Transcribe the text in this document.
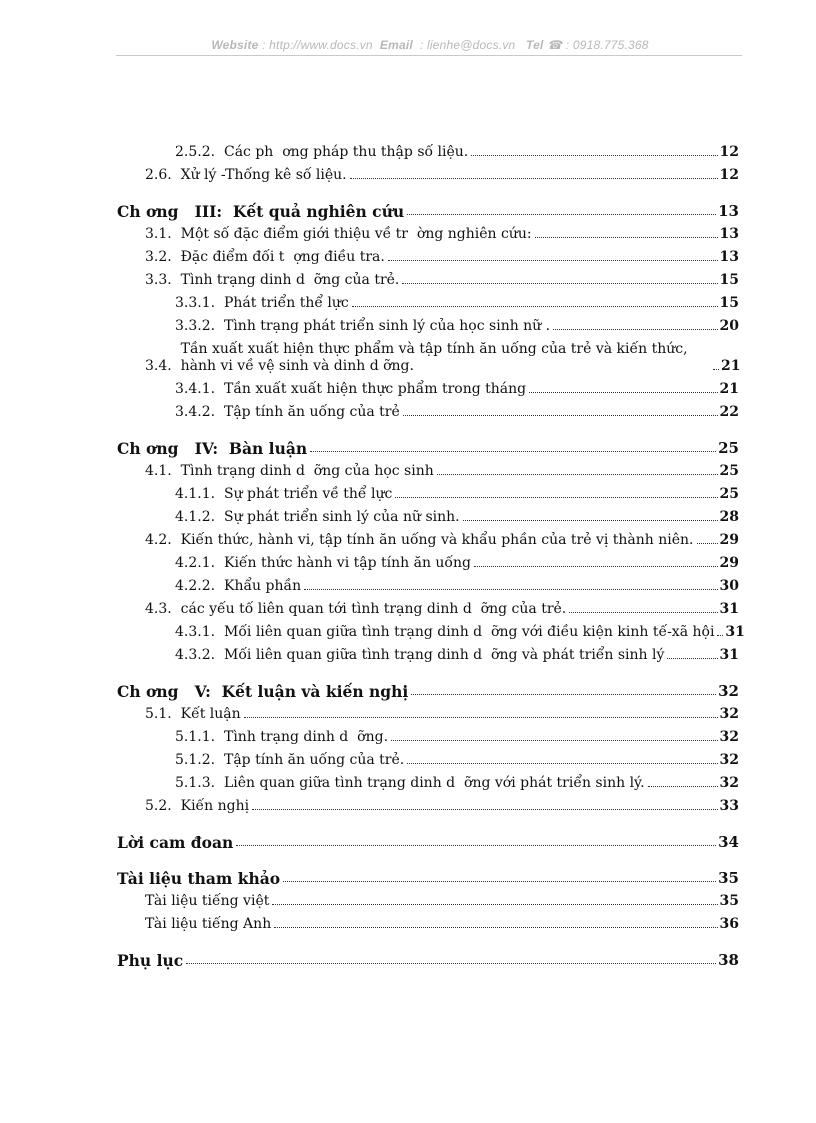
Website : http://www.docs.vn Email : lienhe@docs.vn Tel ☎ : 0918.775.368
2.5.2. Các ph  ơng pháp thu thập số liệu.	12
2.6. Xử lý -Thống kê số liệu.	12
Ch ơng   III: Kết quả nghiên cứu	13
3.1. Một số đặc điểm giới thiệu về tr  ờng nghiên cứu:	13
3.2. Đặc điểm đối t  ợng điều tra.	13
3.3. Tình trạng dinh d  ỡng của trẻ.	15
3.3.1. Phát triển thể lực	15
3.3.2. Tình trạng phát triển sinh lý của học sinh nữ .	20
3.4.
Tần xuất xuất hiện thực phẩm và tập tính ăn uống của trẻ và kiến thức, hành vi về vệ sinh và dinh d ỡng.	21
3.4.1. Tần xuất xuất hiện thực phẩm trong tháng	21
3.4.2. Tập tính ăn uống của trẻ	22
Ch ơng   IV: Bàn luận	25
4.1. Tình trạng dinh d  ỡng của học sinh	25
4.1.1. Sự phát triển về thể lực	25
4.1.2. Sự phát triển sinh lý của nữ sinh.	28
4.2. Kiến thức, hành vi, tập tính ăn uống và khẩu phần của trẻ vị thành niên. 29
4.2.1. Kiến thức hành vi tập tính ăn uống	29
4.2.2. Khẩu phần	30
4.3. các yếu tố liên quan tới tình trạng dinh d  ỡng của trẻ.	31
4.3.1. Mối liên quan giữa tình trạng dinh d  ỡng với điều kiện kinh tế-xã hội 31
4.3.2. Mối liên quan giữa tình trạng dinh d  ỡng và phát triển sinh lý	31
Ch ơng   V: Kết luận và kiến nghị	32
5.1. Kết luận	32
5.1.1. Tình trạng dinh d  ỡng.	32
5.1.2. Tập tính ăn uống của trẻ.	32
5.1.3. Liên quan giữa tình trạng dinh d  ỡng với phát triển sinh lý.	32
5.2. Kiến nghị	33
Lời cam đoan	34
Tài liệu tham khảo	35
Tài liệu tiếng việt	35
Tài liệu tiếng Anh	36
Phụ lục	38
